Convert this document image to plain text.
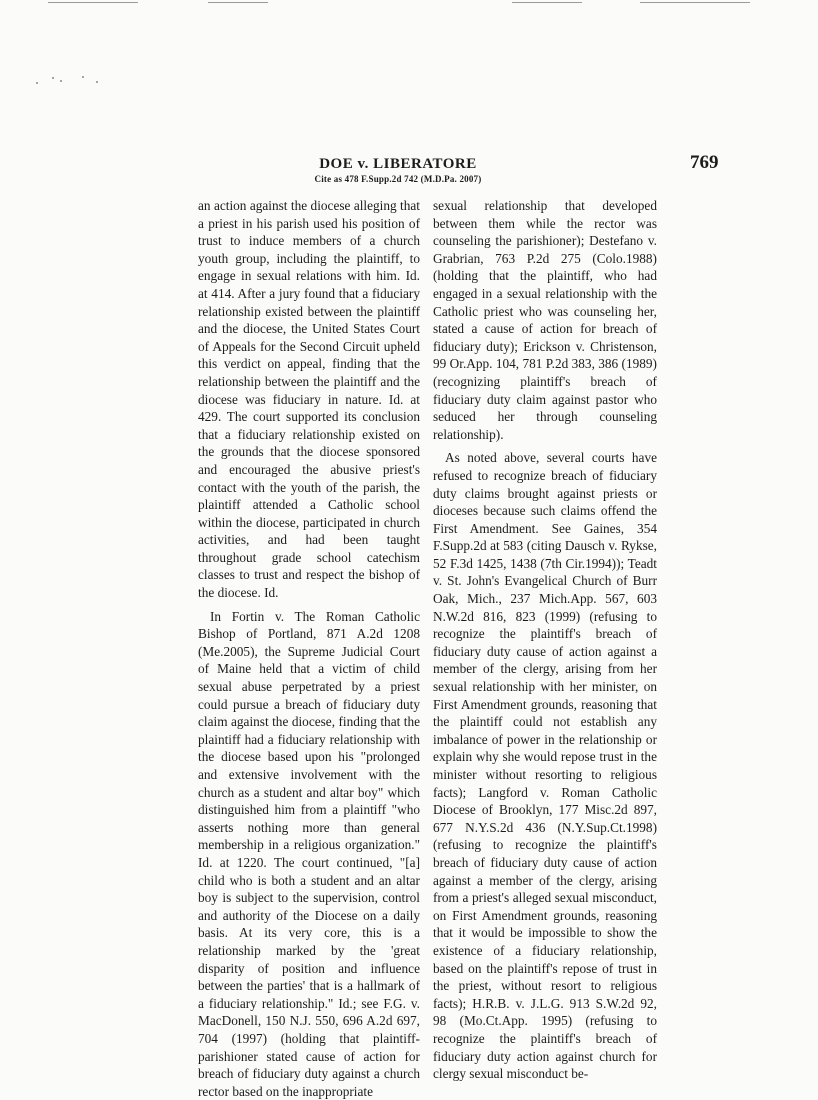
DOE v. LIBERATORE	769
Cite as 478 F.Supp.2d 742 (M.D.Pa. 2007)

an action against the diocese alleging that a priest in his parish used his position of trust to induce members of a church youth group, including the plaintiff, to engage in sexual relations with him. Id. at 414. After a jury found that a fiduciary relationship existed between the plaintiff and the diocese, the United States Court of Appeals for the Second Circuit upheld this verdict on appeal, finding that the relationship between the plaintiff and the diocese was fiduciary in nature. Id. at 429. The court supported its conclusion that a fiduciary relationship existed on the grounds that the diocese sponsored and encouraged the abusive priest's contact with the youth of the parish, the plaintiff attended a Catholic school within the diocese, participated in church activities, and had been taught throughout grade school catechism classes to trust and respect the bishop of the diocese. Id.

In Fortin v. The Roman Catholic Bishop of Portland, 871 A.2d 1208 (Me.2005), the Supreme Judicial Court of Maine held that a victim of child sexual abuse perpetrated by a priest could pursue a breach of fiduciary duty claim against the diocese, finding that the plaintiff had a fiduciary relationship with the diocese based upon his "prolonged and extensive involvement with the church as a student and altar boy" which distinguished him from a plaintiff "who asserts nothing more than general membership in a religious organization." Id. at 1220. The court continued, "[a] child who is both a student and an altar boy is subject to the supervision, control and authority of the Diocese on a daily basis. At its very core, this is a relationship marked by the 'great disparity of position and influence between the parties' that is a hallmark of a fiduciary relationship." Id.; see F.G. v. MacDonell, 150 N.J. 550, 696 A.2d 697, 704 (1997) (holding that plaintiff-parishioner stated cause of action for breach of fiduciary duty against a church rector based on the inappropriate

sexual relationship that developed between them while the rector was counseling the parishioner); Destefano v. Grabrian, 763 P.2d 275 (Colo.1988) (holding that the plaintiff, who had engaged in a sexual relationship with the Catholic priest who was counseling her, stated a cause of action for breach of fiduciary duty); Erickson v. Christenson, 99 Or.App. 104, 781 P.2d 383, 386 (1989) (recognizing plaintiff's breach of fiduciary duty claim against pastor who seduced her through counseling relationship).

As noted above, several courts have refused to recognize breach of fiduciary duty claims brought against priests or dioceses because such claims offend the First Amendment. See Gaines, 354 F.Supp.2d at 583 (citing Dausch v. Rykse, 52 F.3d 1425, 1438 (7th Cir.1994)); Teadt v. St. John's Evangelical Church of Burr Oak, Mich., 237 Mich.App. 567, 603 N.W.2d 816, 823 (1999) (refusing to recognize the plaintiff's breach of fiduciary duty cause of action against a member of the clergy, arising from her sexual relationship with her minister, on First Amendment grounds, reasoning that the plaintiff could not establish any imbalance of power in the relationship or explain why she would repose trust in the minister without resorting to religious facts); Langford v. Roman Catholic Diocese of Brooklyn, 177 Misc.2d 897, 677 N.Y.S.2d 436 (N.Y.Sup.Ct.1998) (refusing to recognize the plaintiff's breach of fiduciary duty cause of action against a member of the clergy, arising from a priest's alleged sexual misconduct, on First Amendment grounds, reasoning that it would be impossible to show the existence of a fiduciary relationship, based on the plaintiff's repose of trust in the priest, without resort to religious facts); H.R.B. v. J.L.G. 913 S.W.2d 92, 98 (Mo.Ct.App. 1995) (refusing to recognize the plaintiff's breach of fiduciary duty action against church for clergy sexual misconduct be-
